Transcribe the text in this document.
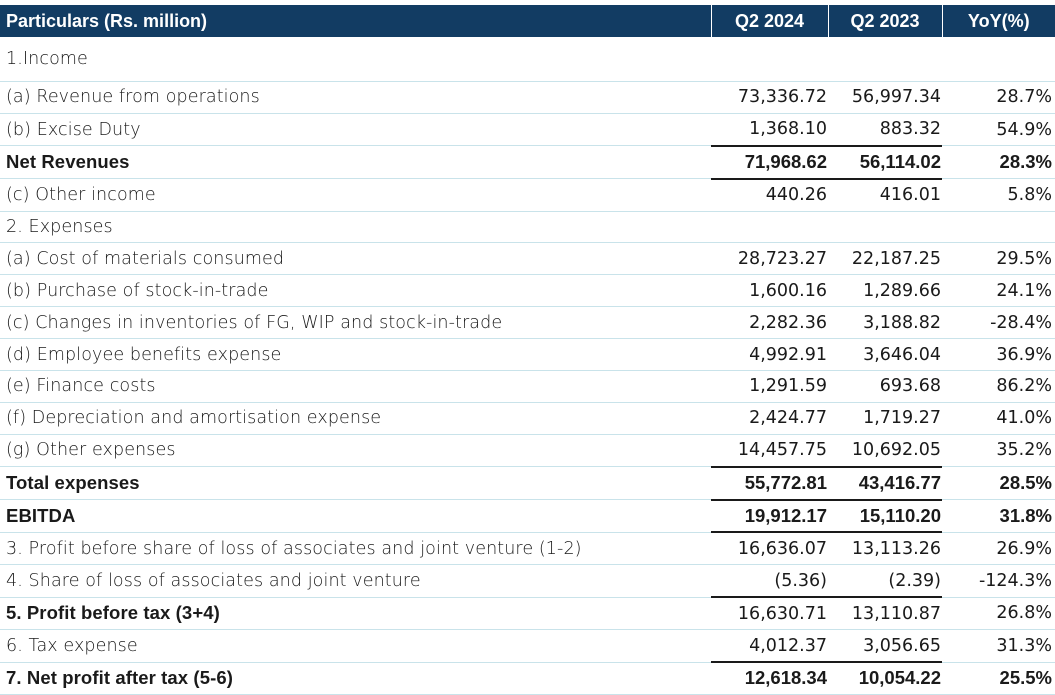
Particulars (Rs. million)	Q2 2024	Q2 2023	YoY(%)
1.Income			
(a) Revenue from operations	73,336.72	56,997.34	28.7%
(b) Excise Duty	1,368.10	883.32	54.9%
Net Revenues	71,968.62	56,114.02	28.3%
(c) Other income	440.26	416.01	5.8%
2. Expenses			
(a) Cost of materials consumed	28,723.27	22,187.25	29.5%
(b) Purchase of stock-in-trade	1,600.16	1,289.66	24.1%
(c) Changes in inventories of FG, WIP and stock-in-trade	2,282.36	3,188.82	-28.4%
(d) Employee benefits expense	4,992.91	3,646.04	36.9%
(e) Finance costs	1,291.59	693.68	86.2%
(f) Depreciation and amortisation expense	2,424.77	1,719.27	41.0%
(g) Other expenses	14,457.75	10,692.05	35.2%
Total expenses	55,772.81	43,416.77	28.5%
EBITDA	19,912.17	15,110.20	31.8%
3. Profit before share of loss of associates and joint venture (1-2)	16,636.07	13,113.26	26.9%
4. Share of loss of associates and joint venture	(5.36)	(2.39)	-124.3%
5. Profit before tax (3+4)	16,630.71	13,110.87	26.8%
6. Tax expense	4,012.37	3,056.65	31.3%
7. Net profit after tax (5-6)	12,618.34	10,054.22	25.5%
